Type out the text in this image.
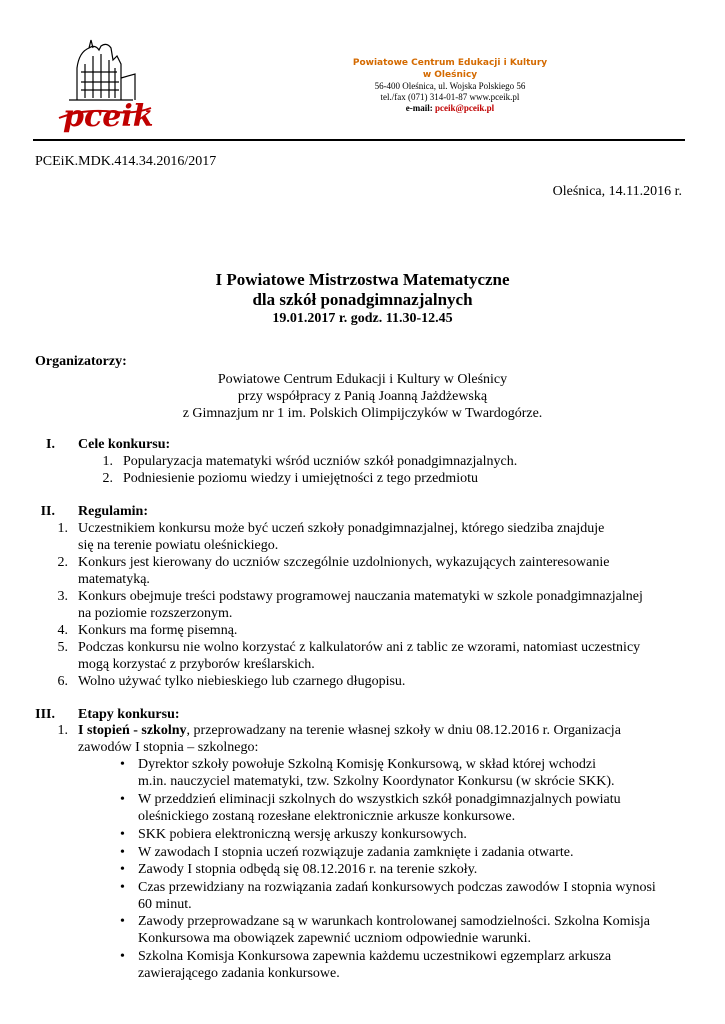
pceik
Powiatowe Centrum Edukacji i Kultury
w Oleśnicy
56-400 Oleśnica, ul. Wojska Polskiego 56
tel./fax (071) 314-01-87 www.pceik.pl
e-mail: pceik@pceik.pl
PCEiK.MDK.414.34.2016/2017
Oleśnica, 14.11.2016 r.
I Powiatowe Mistrzostwa Matematyczne
dla szkół ponadgimnazjalnych
19.01.2017 r. godz. 11.30-12.45
Organizatorzy:
Powiatowe Centrum Edukacji i Kultury w Oleśnicy
przy współpracy z Panią Joanną Jażdżewską
z Gimnazjum nr 1 im. Polskich Olimpijczyków w Twardogórze.
I. Cele konkursu:
1. Popularyzacja matematyki wśród uczniów szkół ponadgimnazjalnych.
2. Podniesienie poziomu wiedzy i umiejętności z tego przedmiotu
II. Regulamin:
1. Uczestnikiem konkursu może być uczeń szkoły ponadgimnazjalnej, którego siedziba znajduje
się na terenie powiatu oleśnickiego.
2. Konkurs jest kierowany do uczniów szczególnie uzdolnionych, wykazujących zainteresowanie
matematyką.
3. Konkurs obejmuje treści podstawy programowej nauczania matematyki w szkole ponadgimnazjalnej
na poziomie rozszerzonym.
4. Konkurs ma formę pisemną.
5. Podczas konkursu nie wolno korzystać z kalkulatorów ani z tablic ze wzorami, natomiast uczestnicy
mogą korzystać z przyborów kreślarskich.
6. Wolno używać tylko niebieskiego lub czarnego długopisu.
III. Etapy konkursu:
1. I stopień - szkolny, przeprowadzany na terenie własnej szkoły w dniu 08.12.2016 r. Organizacja
zawodów I stopnia – szkolnego:
• Dyrektor szkoły powołuje Szkolną Komisję Konkursową, w skład której wchodzi
m.in. nauczyciel matematyki, tzw. Szkolny Koordynator Konkursu (w skrócie SKK).
• W przeddzień eliminacji szkolnych do wszystkich szkół ponadgimnazjalnych powiatu
oleśnickiego zostaną rozesłane elektronicznie arkusze konkursowe.
• SKK pobiera elektroniczną wersję arkuszy konkursowych.
• W zawodach I stopnia uczeń rozwiązuje zadania zamknięte i zadania otwarte.
• Zawody I stopnia odbędą się 08.12.2016 r. na terenie szkoły.
• Czas przewidziany na rozwiązania zadań konkursowych podczas zawodów I stopnia wynosi
60 minut.
• Zawody przeprowadzane są w warunkach kontrolowanej samodzielności. Szkolna Komisja
Konkursowa ma obowiązek zapewnić uczniom odpowiednie warunki.
• Szkolna Komisja Konkursowa zapewnia każdemu uczestnikowi egzemplarz arkusza
zawierającego zadania konkursowe.
